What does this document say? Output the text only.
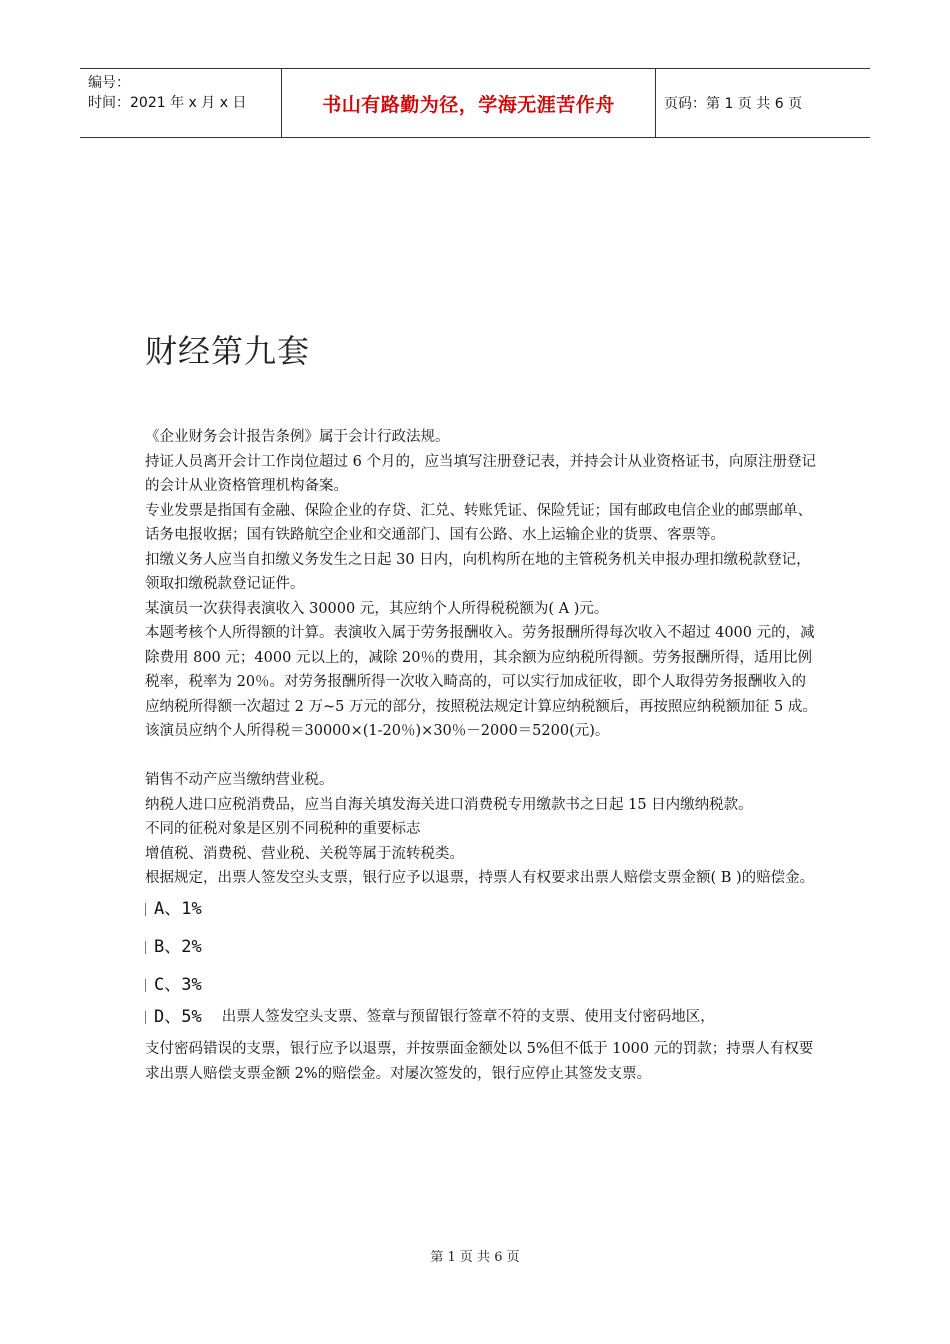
编号：
时间：2021 年 x 月 x 日	书山有路勤为径，学海无涯苦作舟	页码：第 1 页 共 6 页
财经第九套

《企业财务会计报告条例》属于会计行政法规。

持证人员离开会计工作岗位超过 6 个月的，应当填写注册登记表，并持会计从业资格证书，向原注册登记的会计从业资格管理机构备案。

专业发票是指国有金融、保险企业的存贷、汇兑、转账凭证、保险凭证；国有邮政电信企业的邮票邮单、话务电报收据；国有铁路航空企业和交通部门、国有公路、水上运输企业的货票、客票等。

扣缴义务人应当自扣缴义务发生之日起 30 日内，向机构所在地的主管税务机关申报办理扣缴税款登记，领取扣缴税款登记证件。

某演员一次获得表演收入 30000 元，其应纳个人所得税税额为( A )元。

本题考核个人所得额的计算。表演收入属于劳务报酬收入。劳务报酬所得每次收入不超过 4000 元的，减除费用 800 元；4000 元以上的，减除 20％的费用，其余额为应纳税所得额。劳务报酬所得，适用比例税率，税率为 20％。对劳务报酬所得一次收入畸高的，可以实行加成征收，即个人取得劳务报酬收入的应纳税所得额一次超过 2 万~5 万元的部分，按照税法规定计算应纳税额后，再按照应纳税额加征 5 成。

该演员应纳个人所得税＝30000×(1-20％)×30％－2000＝5200(元)。

销售不动产应当缴纳营业税。

纳税人进口应税消费品，应当自海关填发海关进口消费税专用缴款书之日起 15 日内缴纳税款。

不同的征税对象是区别不同税种的重要标志

增值税、消费税、营业税、关税等属于流转税类。

根据规定，出票人签发空头支票，银行应予以退票，持票人有权要求出票人赔偿支票金额( B )的赔偿金。

A、1%
B、2%
C、3%
D、5% 出票人签发空头支票、签章与预留银行签章不符的支票、使用支付密码地区，

支付密码错误的支票，银行应予以退票，并按票面金额处以 5%但不低于 1000 元的罚款；持票人有权要求出票人赔偿支票金额 2%的赔偿金。对屡次签发的，银行应停止其签发支票。

第 1 页 共 6 页
